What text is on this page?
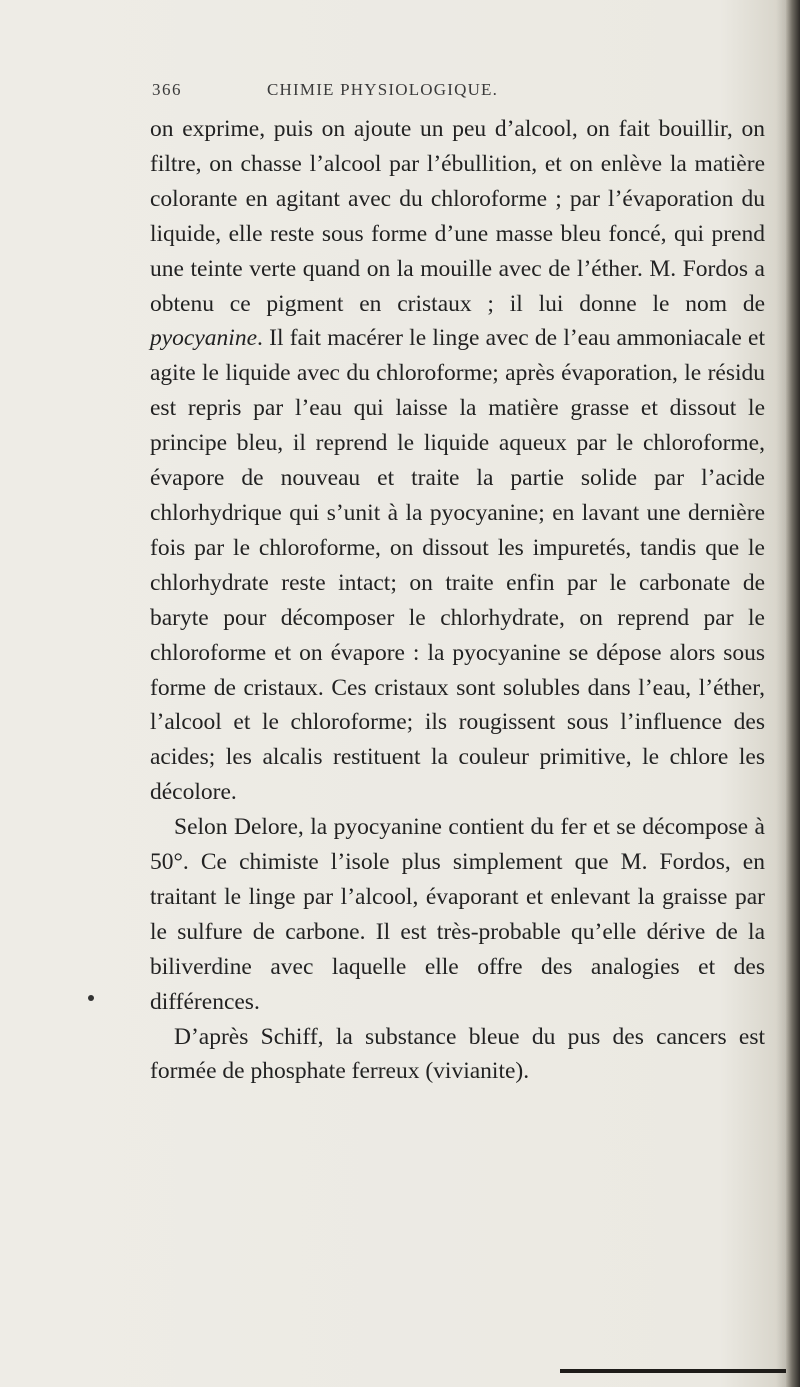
366	CHIMIE PHYSIOLOGIQUE.

on exprime, puis on ajoute un peu d’alcool, on fait bouillir, on filtre, on chasse l’alcool par l’ébullition, et on enlève la matière colorante en agitant avec du chloroforme ; par l’évaporation du liquide, elle reste sous forme d’une masse bleu foncé, qui prend une teinte verte quand on la mouille avec de l’éther. M. Fordos a obtenu ce pigment en cristaux ; il lui donne le nom de pyocyanine. Il fait macérer le linge avec de l’eau ammoniacale et agite le liquide avec du chloroforme; après évaporation, le résidu est repris par l’eau qui laisse la matière grasse et dissout le principe bleu, il reprend le liquide aqueux par le chloroforme, évapore de nouveau et traite la partie solide par l’acide chlorhydrique qui s’unit à la pyocyanine; en lavant une dernière fois par le chloroforme, on dissout les impuretés, tandis que le chlorhydrate reste intact; on traite enfin par le carbonate de baryte pour décomposer le chlorhydrate, on reprend par le chloroforme et on évapore : la pyocyanine se dépose alors sous forme de cristaux. Ces cristaux sont solubles dans l’eau, l’éther, l’alcool et le chloroforme; ils rougissent sous l’influence des acides; les alcalis restituent la couleur primitive, le chlore les décolore.

Selon Delore, la pyocyanine contient du fer et se décompose à 50°. Ce chimiste l’isole plus simplement que M. Fordos, en traitant le linge par l’alcool, évaporant et enlevant la graisse par le sulfure de carbone. Il est très-probable qu’elle dérive de la biliverdine avec laquelle elle offre des analogies et des différences.

D’après Schiff, la substance bleue du pus des cancers est formée de phosphate ferreux (vivianite).
